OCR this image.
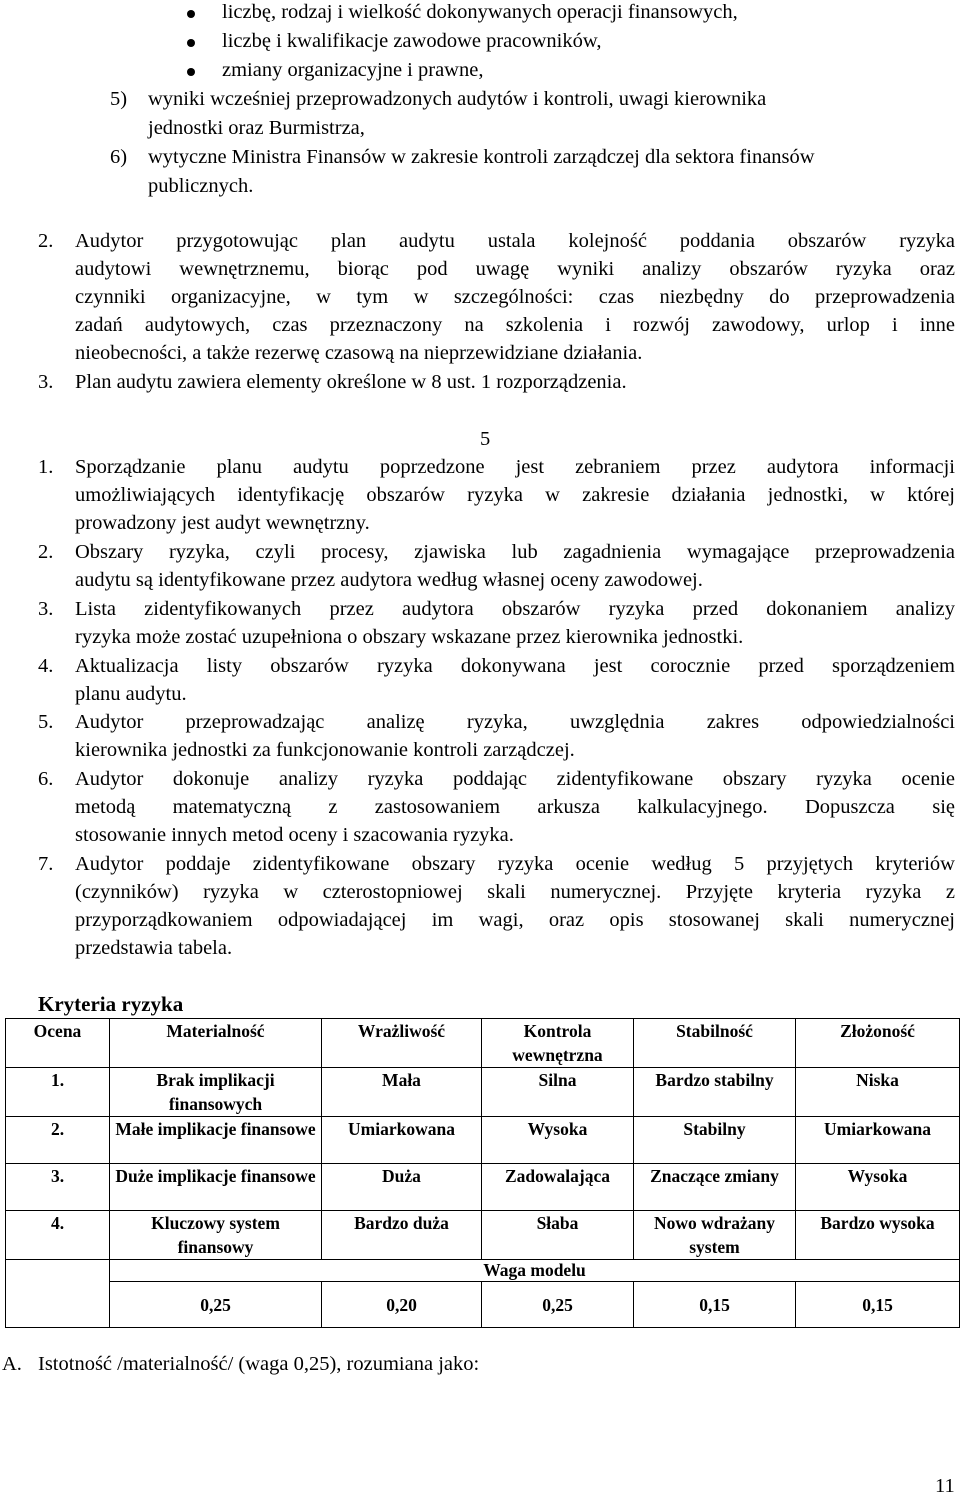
liczbę, rodzaj i wielkość dokonywanych operacji finansowych,
liczbę i kwalifikacje zawodowe pracowników,
zmiany organizacyjne i prawne,
5) wyniki wcześniej przeprowadzonych audytów i kontroli, uwagi kierownika
jednostki oraz Burmistrza,
6) wytyczne Ministra Finansów w zakresie kontroli zarządczej dla sektora finansów
publicznych.
2. Audytor przygotowując plan audytu ustala kolejność poddania obszarów ryzyka
audytowi wewnętrznemu, biorąc pod uwagę wyniki analizy obszarów ryzyka oraz
czynniki organizacyjne, w tym w szczególności: czas niezbędny do przeprowadzenia
zadań audytowych, czas przeznaczony na szkolenia i rozwój zawodowy, urlop i inne
nieobecności, a także rezerwę czasową na nieprzewidziane działania.
3. Plan audytu zawiera elementy określone w 8 ust. 1 rozporządzenia.
5
1. Sporządzanie planu audytu poprzedzone jest zebraniem przez audytora informacji
umożliwiających identyfikację obszarów ryzyka w zakresie działania jednostki, w której
prowadzony jest audyt wewnętrzny.
2. Obszary ryzyka, czyli procesy, zjawiska lub zagadnienia wymagające przeprowadzenia
audytu są identyfikowane przez audytora według własnej oceny zawodowej.
3. Lista zidentyfikowanych przez audytora obszarów ryzyka przed dokonaniem analizy
ryzyka może zostać uzupełniona o obszary wskazane przez kierownika jednostki.
4. Aktualizacja listy obszarów ryzyka dokonywana jest corocznie przed sporządzeniem
planu audytu.
5. Audytor przeprowadzając analizę ryzyka, uwzględnia zakres odpowiedzialności
kierownika jednostki za funkcjonowanie kontroli zarządczej.
6. Audytor dokonuje analizy ryzyka poddając zidentyfikowane obszary ryzyka ocenie
metodą matematyczną z zastosowaniem arkusza kalkulacyjnego. Dopuszcza się
stosowanie innych metod oceny i szacowania ryzyka.
7. Audytor poddaje zidentyfikowane obszary ryzyka ocenie według 5 przyjętych kryteriów
(czynników) ryzyka w czterostopniowej skali numerycznej. Przyjęte kryteria ryzyka z
przyporządkowaniem odpowiadającej im wagi, oraz opis stosowanej skali numerycznej
przedstawia tabela.
Kryteria ryzyka
Ocena	Materialność	Wrażliwość	Kontrola wewnętrzna	Stabilność	Złożoność
1.	Brak implikacji finansowych	Mała	Silna	Bardzo stabilny	Niska
2.	Małe implikacje finansowe	Umiarkowana	Wysoka	Stabilny	Umiarkowana
3.	Duże implikacje finansowe	Duża	Zadowalająca	Znaczące zmiany	Wysoka
4.	Kluczowy system finansowy	Bardzo duża	Słaba	Nowo wdrażany system	Bardzo wysoka
	Waga modelu				
	0,25	0,20	0,25	0,15	0,15
A. Istotność /materialność/ (waga 0,25), rozumiana jako:
11
